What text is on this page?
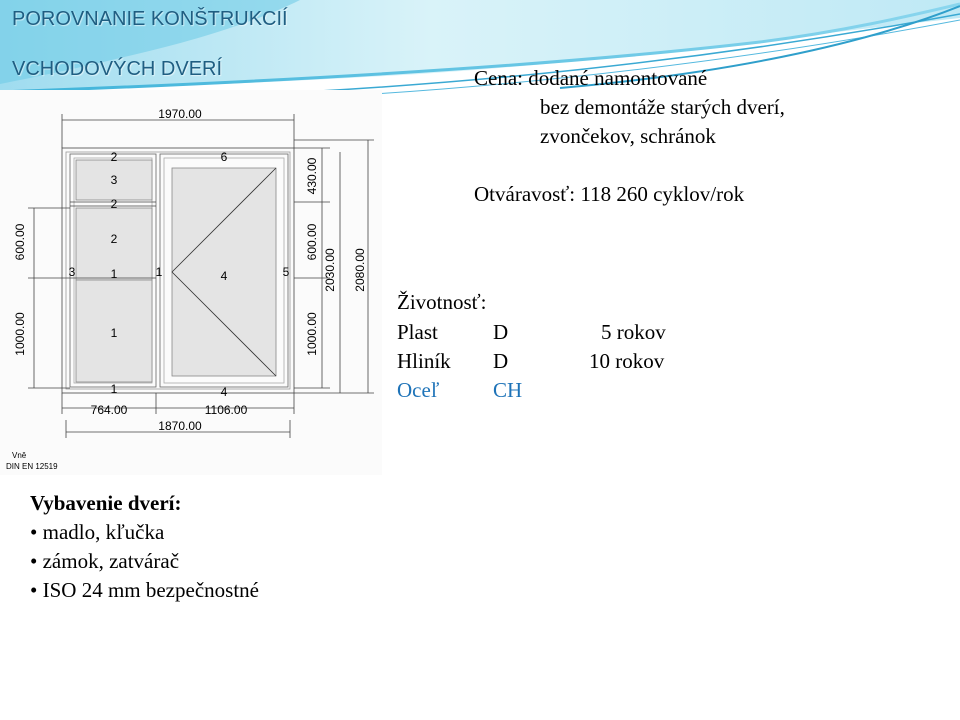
POROVNANIE KONŠTRUKCIÍ
VCHODOVÝCH DVERÍ
1970.00
764.00	1106.00
1870.00
600.00
1000.00
430.00
600.00
1000.00
2030.00 2080.00
2
3
2
2
3	1	1
1
1
6
4	5
4
Vně
DIN EN 12519
Cena: dodané namontované
bez demontáže starých dverí,
zvončekov, schránok
Otváravosť: 118 260 cyklov/rok
Životnosť:
Plast	D	5 rokov
Hliník D	10 rokov
Oceľ	CH
Vybavenie dverí:
• madlo, kľučka
• zámok, zatvárač
• ISO 24 mm bezpečnostné
